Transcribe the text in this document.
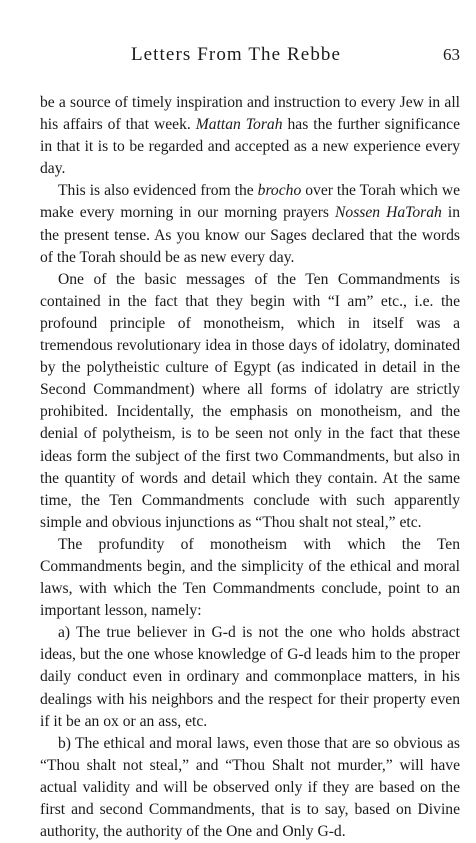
Letters From The Rebbe	63

be a source of timely inspiration and instruction to every Jew in all his affairs of that week. Mattan Torah has the further significance in that it is to be regarded and accepted as a new experience every day.

This is also evidenced from the brocho over the Torah which we make every morning in our morning prayers Nossen HaTorah in the present tense. As you know our Sages declared that the words of the Torah should be as new every day.

One of the basic messages of the Ten Commandments is contained in the fact that they begin with “I am” etc., i.e. the profound principle of monotheism, which in itself was a tremendous revolutionary idea in those days of idolatry, dominated by the polytheistic culture of Egypt (as indicated in detail in the Second Commandment) where all forms of idolatry are strictly prohibited. Incidentally, the emphasis on monotheism, and the denial of polytheism, is to be seen not only in the fact that these ideas form the subject of the first two Commandments, but also in the quantity of words and detail which they contain. At the same time, the Ten Commandments conclude with such apparently simple and obvious injunctions as “Thou shalt not steal,” etc.

The profundity of monotheism with which the Ten Commandments begin, and the simplicity of the ethical and moral laws, with which the Ten Commandments conclude, point to an important lesson, namely:

a) The true believer in G-d is not the one who holds abstract ideas, but the one whose knowledge of G-d leads him to the proper daily conduct even in ordinary and commonplace matters, in his dealings with his neighbors and the respect for their property even if it be an ox or an ass, etc.

b) The ethical and moral laws, even those that are so obvious as “Thou shalt not steal,” and “Thou Shalt not murder,” will have actual validity and will be observed only if they are based on the first and second Commandments, that is to say, based on Divine authority, the authority of the One and Only G-d.
